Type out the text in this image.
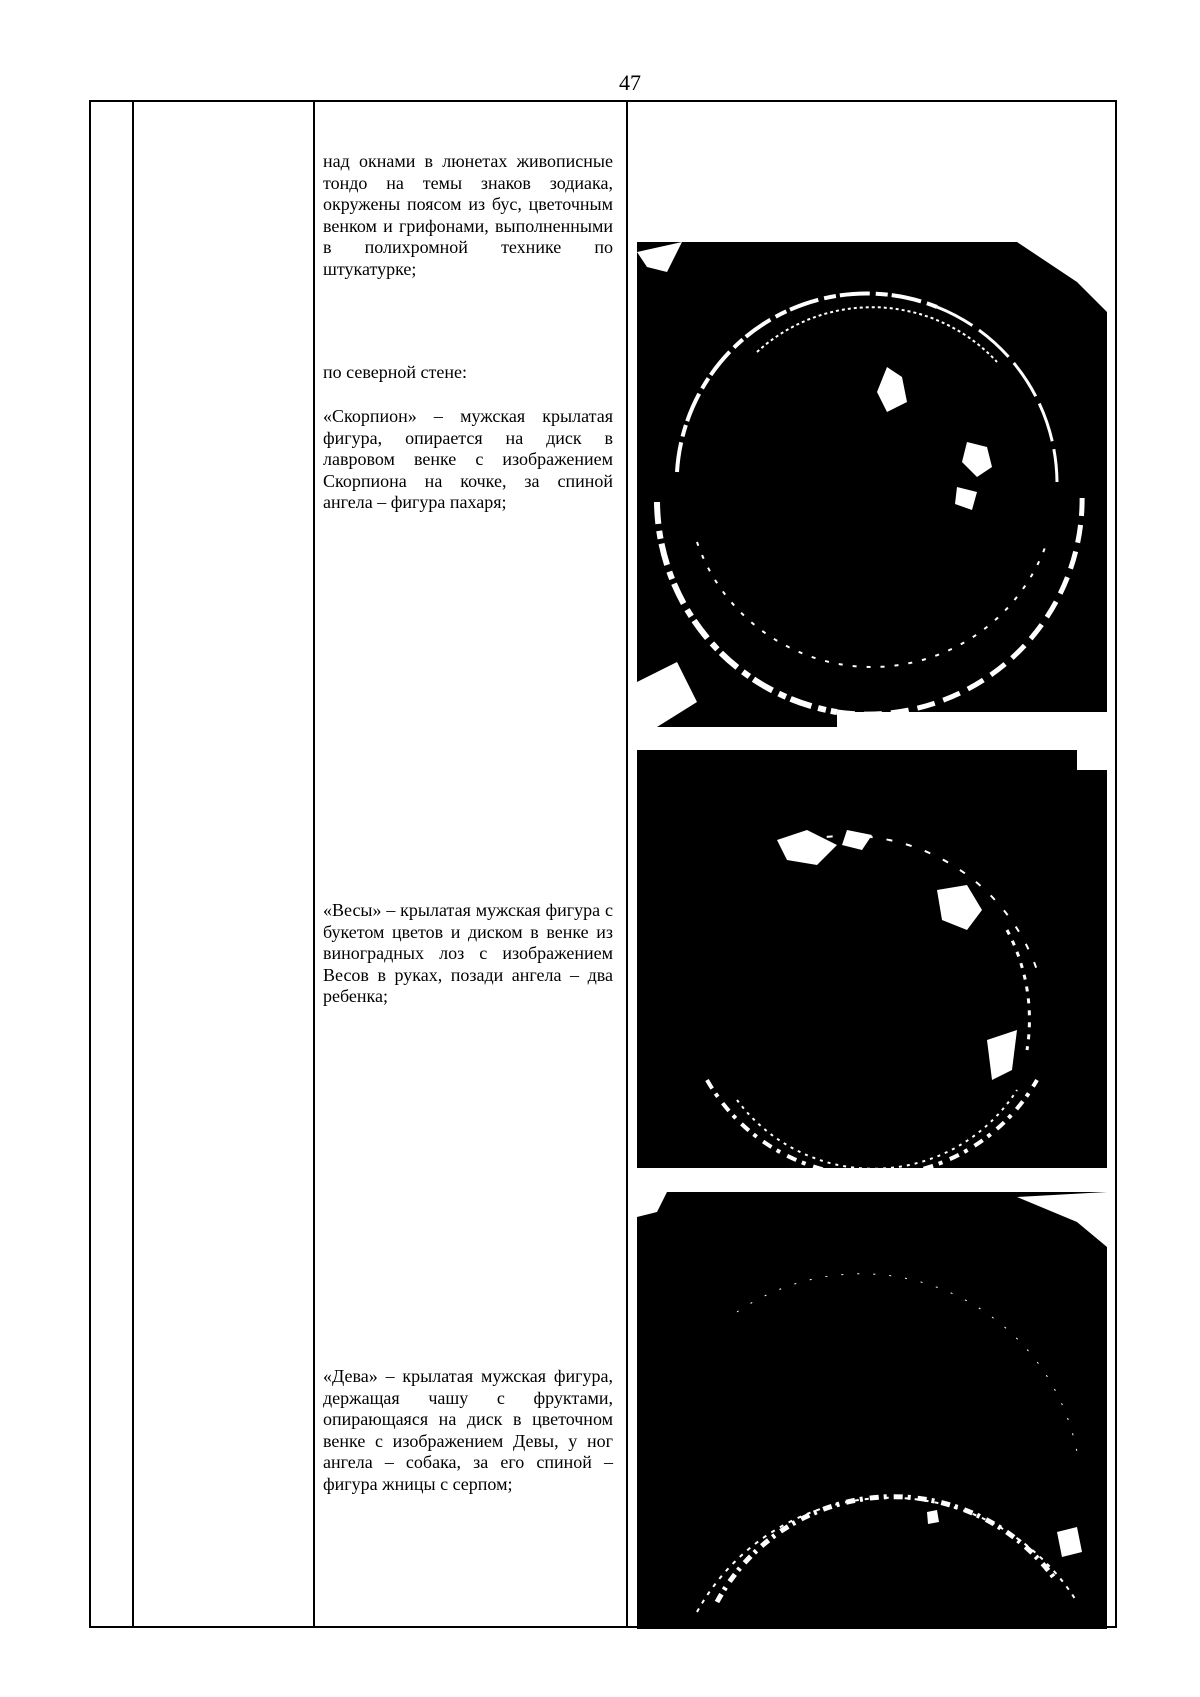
47

над окнами в люнетах живописные тондо на темы знаков зодиака, окружены поясом из бус, цветочным венком и грифонами, выполненными в полихромной технике по штукатурке;

по северной стене:

«Скорпион» – мужская крылатая фигура, опирается на диск в лавровом венке с изображением Скорпиона на кочке, за спиной ангела – фигура пахаря;

«Весы» – крылатая мужская фигура с букетом цветов и диском в венке из виноградных лоз с изображением Весов в руках, позади ангела – два ребенка;

«Дева» – крылатая мужская фигура, держащая чашу с фруктами, опирающаяся на диск в цветочном венке с изображением Девы, у ног ангела – собака, за его спиной – фигура жницы с серпом;
